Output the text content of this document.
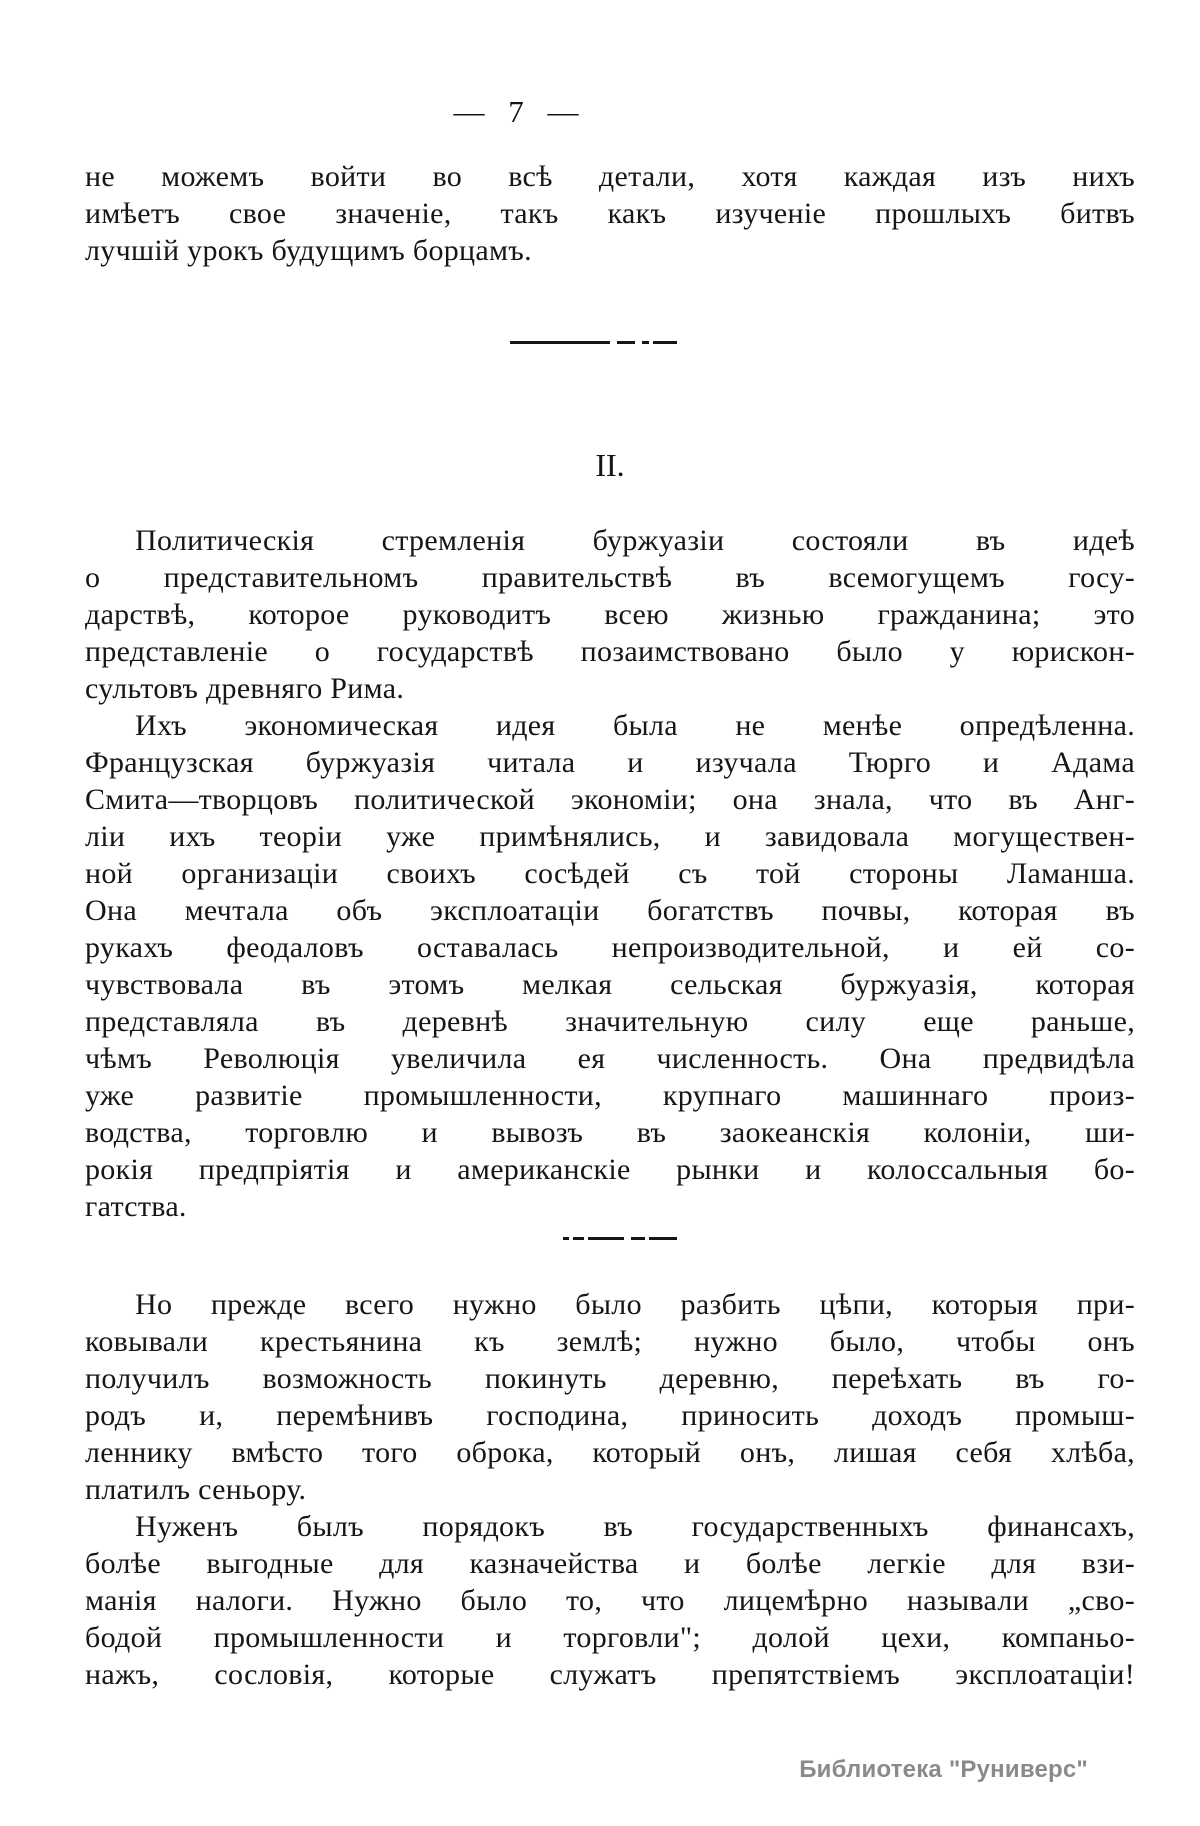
— 7 —
не можемъ войти во всѣ детали, хотя каждая изъ нихъ
имѣетъ свое значеніе, такъ какъ изученіе прошлыхъ битвъ
лучшій урокъ будущимъ борцамъ.
II.
Политическія стремленія буржуазіи состояли въ идеѣ
о представительномъ правительствѣ въ всемогущемъ госу-
дарствѣ, которое руководитъ всею жизнью гражданина; это
представленіе о государствѣ позаимствовано было у юрискон-
сультовъ древняго Рима.
Ихъ экономическая идея была не менѣе опредѣленна.
Французская буржуазія читала и изучала Тюрго и Адама
Смита—творцовъ политической экономіи; она знала, что въ Анг-
ліи ихъ теоріи уже примѣнялись, и завидовала могуществен-
ной организаціи своихъ сосѣдей съ той стороны Ламанша.
Она мечтала объ эксплоатаціи богатствъ почвы, которая въ
рукахъ феодаловъ оставалась непроизводительной, и ей со-
чувствовала въ этомъ мелкая сельская буржуазія, которая
представляла въ деревнѣ значительную силу еще раньше,
чѣмъ Революція увеличила ея численность. Она предвидѣла
уже развитіе промышленности, крупнаго машиннаго произ-
водства, торговлю и вывозъ въ заокеанскія колоніи, ши-
рокія предпріятія и американскіе рынки и колоссальныя бо-
гатства.
Но прежде всего нужно было разбить цѣпи, которыя при-
ковывали крестьянина къ землѣ; нужно было, чтобы онъ
получилъ возможность покинуть деревню, переѣхать въ го-
родъ и, перемѣнивъ господина, приносить доходъ промыш-
леннику вмѣсто того оброка, который онъ, лишая себя хлѣба,
платилъ сеньору.
Нуженъ былъ порядокъ въ государственныхъ финансахъ,
болѣе выгодные для казначейства и болѣе легкіе для взи-
манія налоги. Нужно было то, что лицемѣрно называли „сво-
бодой промышленности и торговли"; долой цехи, компаньо-
нажъ, сословія, которые служатъ препятствіемъ эксплоатаціи!
Библиотека "Руниверс"
